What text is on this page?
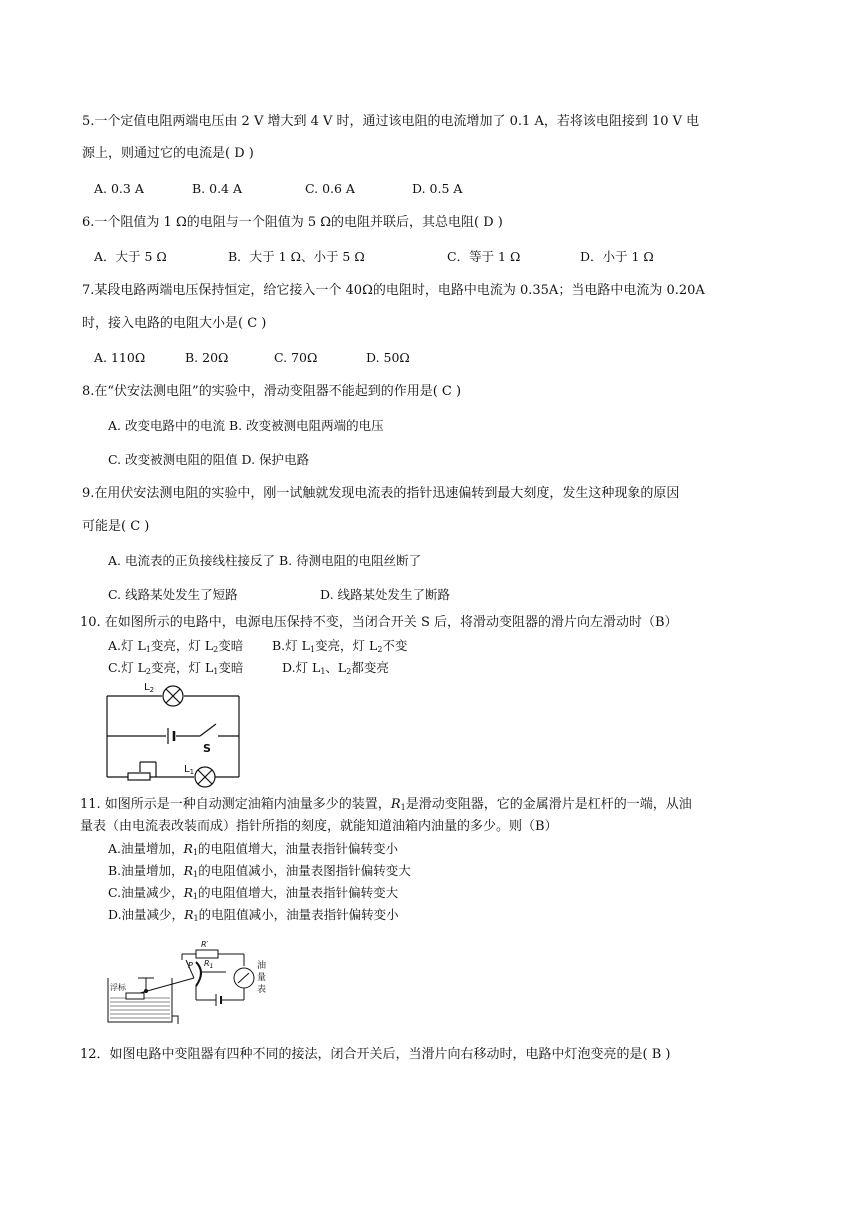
5.一个定值电阻两端电压由 2 V 增大到 4 V 时，通过该电阻的电流增加了 0.1 A，若将该电阻接到 10 V 电
源上，则通过它的电流是( D )
A. 0.3 A	B. 0.4 A	C. 0.6 A	D. 0.5 A
6.一个阻值为 1 Ω的电阻与一个阻值为 5 Ω的电阻并联后，其总电阻( D )
A．大于 5 Ω	B．大于 1 Ω、小于 5 Ω	C．等于 1 Ω	D．小于 1 Ω
7.某段电路两端电压保持恒定，给它接入一个 40Ω的电阻时，电路中电流为 0.35A；当电路中电流为 0.20A
时，接入电路的电阻大小是( C )
A. 110Ω	B. 20Ω	C. 70Ω	D. 50Ω
8.在“伏安法测电阻”的实验中，滑动变阻器不能起到的作用是( C )
A. 改变电路中的电流 B. 改变被测电阻两端的电压
C. 改变被测电阻的阻值 D. 保护电路
9.在用伏安法测电阻的实验中，刚一试触就发现电流表的指针迅速偏转到最大刻度，发生这种现象的原因
可能是( C )
A. 电流表的正负接线柱接反了 B. 待测电阻的电阻丝断了
C. 线路某处发生了短路	D. 线路某处发生了断路
10. 在如图所示的电路中，电源电压保持不变，当闭合开关 S 后，将滑动变阻器的滑片向左滑动时（B）
A.灯 $L_1$变亮，灯 $L_2$变暗 B.灯 $L_1$变亮，灯 $L_2$不变
C.灯 $L_2$变亮，灯 $L_1$变暗	D.灯 $L_1$、$L_2$都变亮
$L_2$
S
$L_1$
11. 如图所示是一种自动测定油箱内油量多少的装置，$R_1$是滑动变阻器，它的金属滑片是杠杆的一端，从油
量表（由电流表改装而成）指针所指的刻度，就能知道油箱内油量的多少。则（B）
A.油量增加，$R_1$的电阻值增大，油量表指针偏转变小
B.油量增加，$R_1$的电阻值减小，油量表图指针偏转变大
C.油量减少，$R_1$的电阻值增大，油量表指针偏转变大
D.油量减少，$R_1$的电阻值减小，油量表指针偏转变小
R′
P $R_1$
浮标
油
量
表
12．如图电路中变阻器有四种不同的接法，闭合开关后，当滑片向右移动时，电路中灯泡变亮的是( B )
